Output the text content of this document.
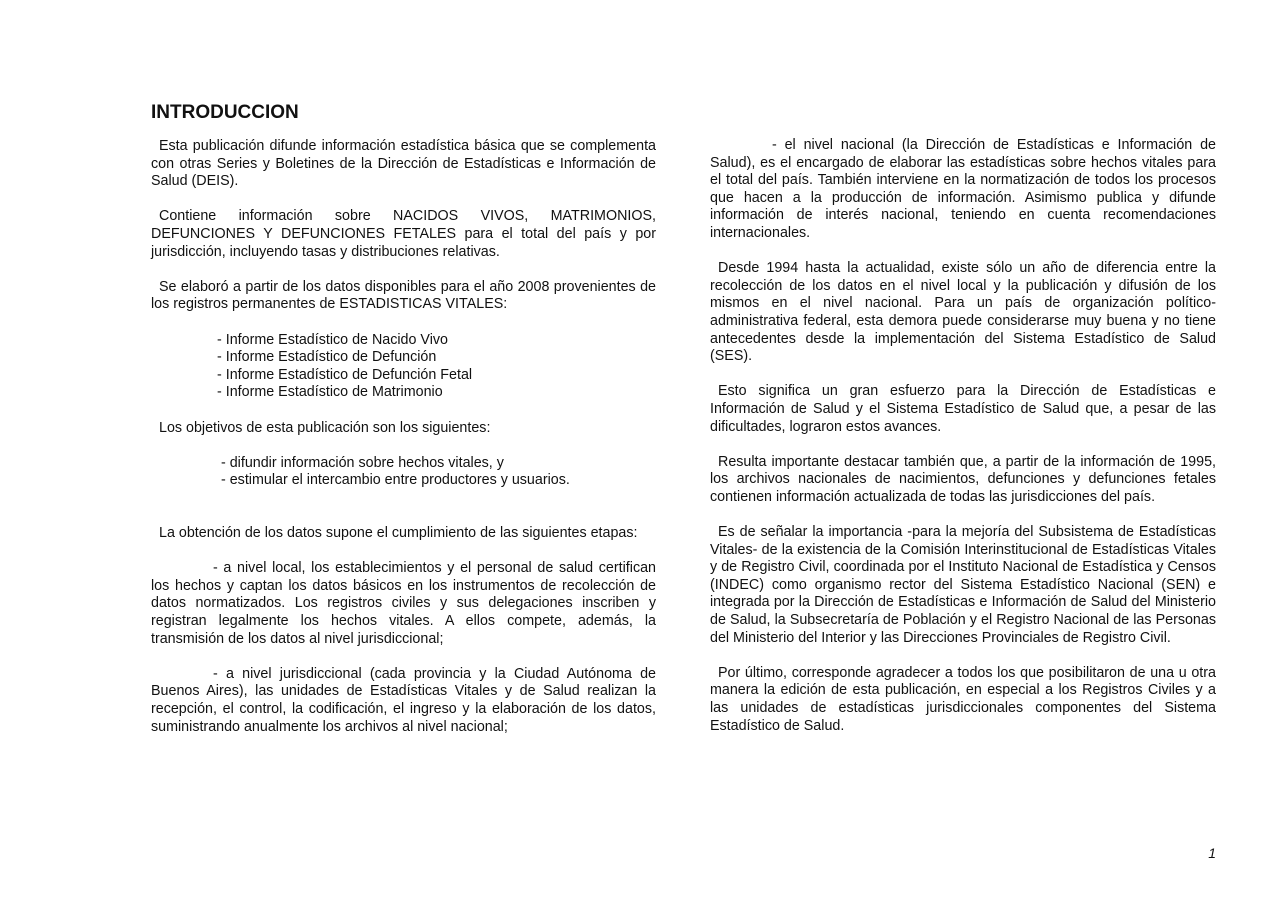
INTRODUCCION

Esta publicación difunde información estadística básica que se complementa con otras Series y Boletines de la Dirección de Estadísticas e Información de Salud (DEIS).

Contiene información sobre NACIDOS VIVOS, MATRIMONIOS, DEFUNCIONES Y DEFUNCIONES FETALES para el total del país y por jurisdicción, incluyendo tasas y distribuciones relativas.

Se elaboró a partir de los datos disponibles para el año 2008 provenientes de los registros permanentes de ESTADISTICAS VITALES:

- Informe Estadístico de Nacido Vivo
- Informe Estadístico de Defunción
- Informe Estadístico de Defunción Fetal
- Informe Estadístico de Matrimonio

Los objetivos de esta publicación son los siguientes:

- difundir información sobre hechos vitales, y
- estimular el intercambio entre productores y usuarios.

La obtención de los datos supone el cumplimiento de las siguientes etapas:

- a nivel local, los establecimientos y el personal de salud certifican los hechos y captan los datos básicos en los instrumentos de recolección de datos normatizados. Los registros civiles y sus delegaciones inscriben y registran legalmente los hechos vitales. A ellos compete, además, la transmisión de los datos al nivel jurisdiccional;

- a nivel jurisdiccional (cada provincia y la Ciudad Autónoma de Buenos Aires), las unidades de Estadísticas Vitales y de Salud realizan la recepción, el control, la codificación, el ingreso y la elaboración de los datos, suministrando anualmente los archivos al nivel nacional;

- el nivel nacional (la Dirección de Estadísticas e Información de Salud), es el encargado de elaborar las estadísticas sobre hechos vitales para el total del país. También interviene en la normatización de todos los procesos que hacen a la producción de información. Asimismo publica y difunde información de interés nacional, teniendo en cuenta recomendaciones internacionales.

Desde 1994 hasta la actualidad, existe sólo un año de diferencia entre la recolección de los datos en el nivel local y la publicación y difusión de los mismos en el nivel nacional. Para un país de organización político-administrativa federal, esta demora puede considerarse muy buena y no tiene antecedentes desde la implementación del Sistema Estadístico de Salud (SES).

Esto significa un gran esfuerzo para la Dirección de Estadísticas e Información de Salud y el Sistema Estadístico de Salud que, a pesar de las dificultades, lograron estos avances.

Resulta importante destacar también que, a partir de la información de 1995, los archivos nacionales de nacimientos, defunciones y defunciones fetales contienen información actualizada de todas las jurisdicciones del país.

Es de señalar la importancia -para la mejoría del Subsistema de Estadísticas Vitales- de la existencia de la Comisión Interinstitucional de Estadísticas Vitales y de Registro Civil, coordinada por el Instituto Nacional de Estadística y Censos (INDEC) como organismo rector del Sistema Estadístico Nacional (SEN) e integrada por la Dirección de Estadísticas e Información de Salud del Ministerio de Salud, la Subsecretaría de Población y el Registro Nacional de las Personas del Ministerio del Interior y las Direcciones Provinciales de Registro Civil.

Por último, corresponde agradecer a todos los que posibilitaron de una u otra manera la edición de esta publicación, en especial a los Registros Civiles y a las unidades de estadísticas jurisdiccionales componentes del Sistema Estadístico de Salud.

1
